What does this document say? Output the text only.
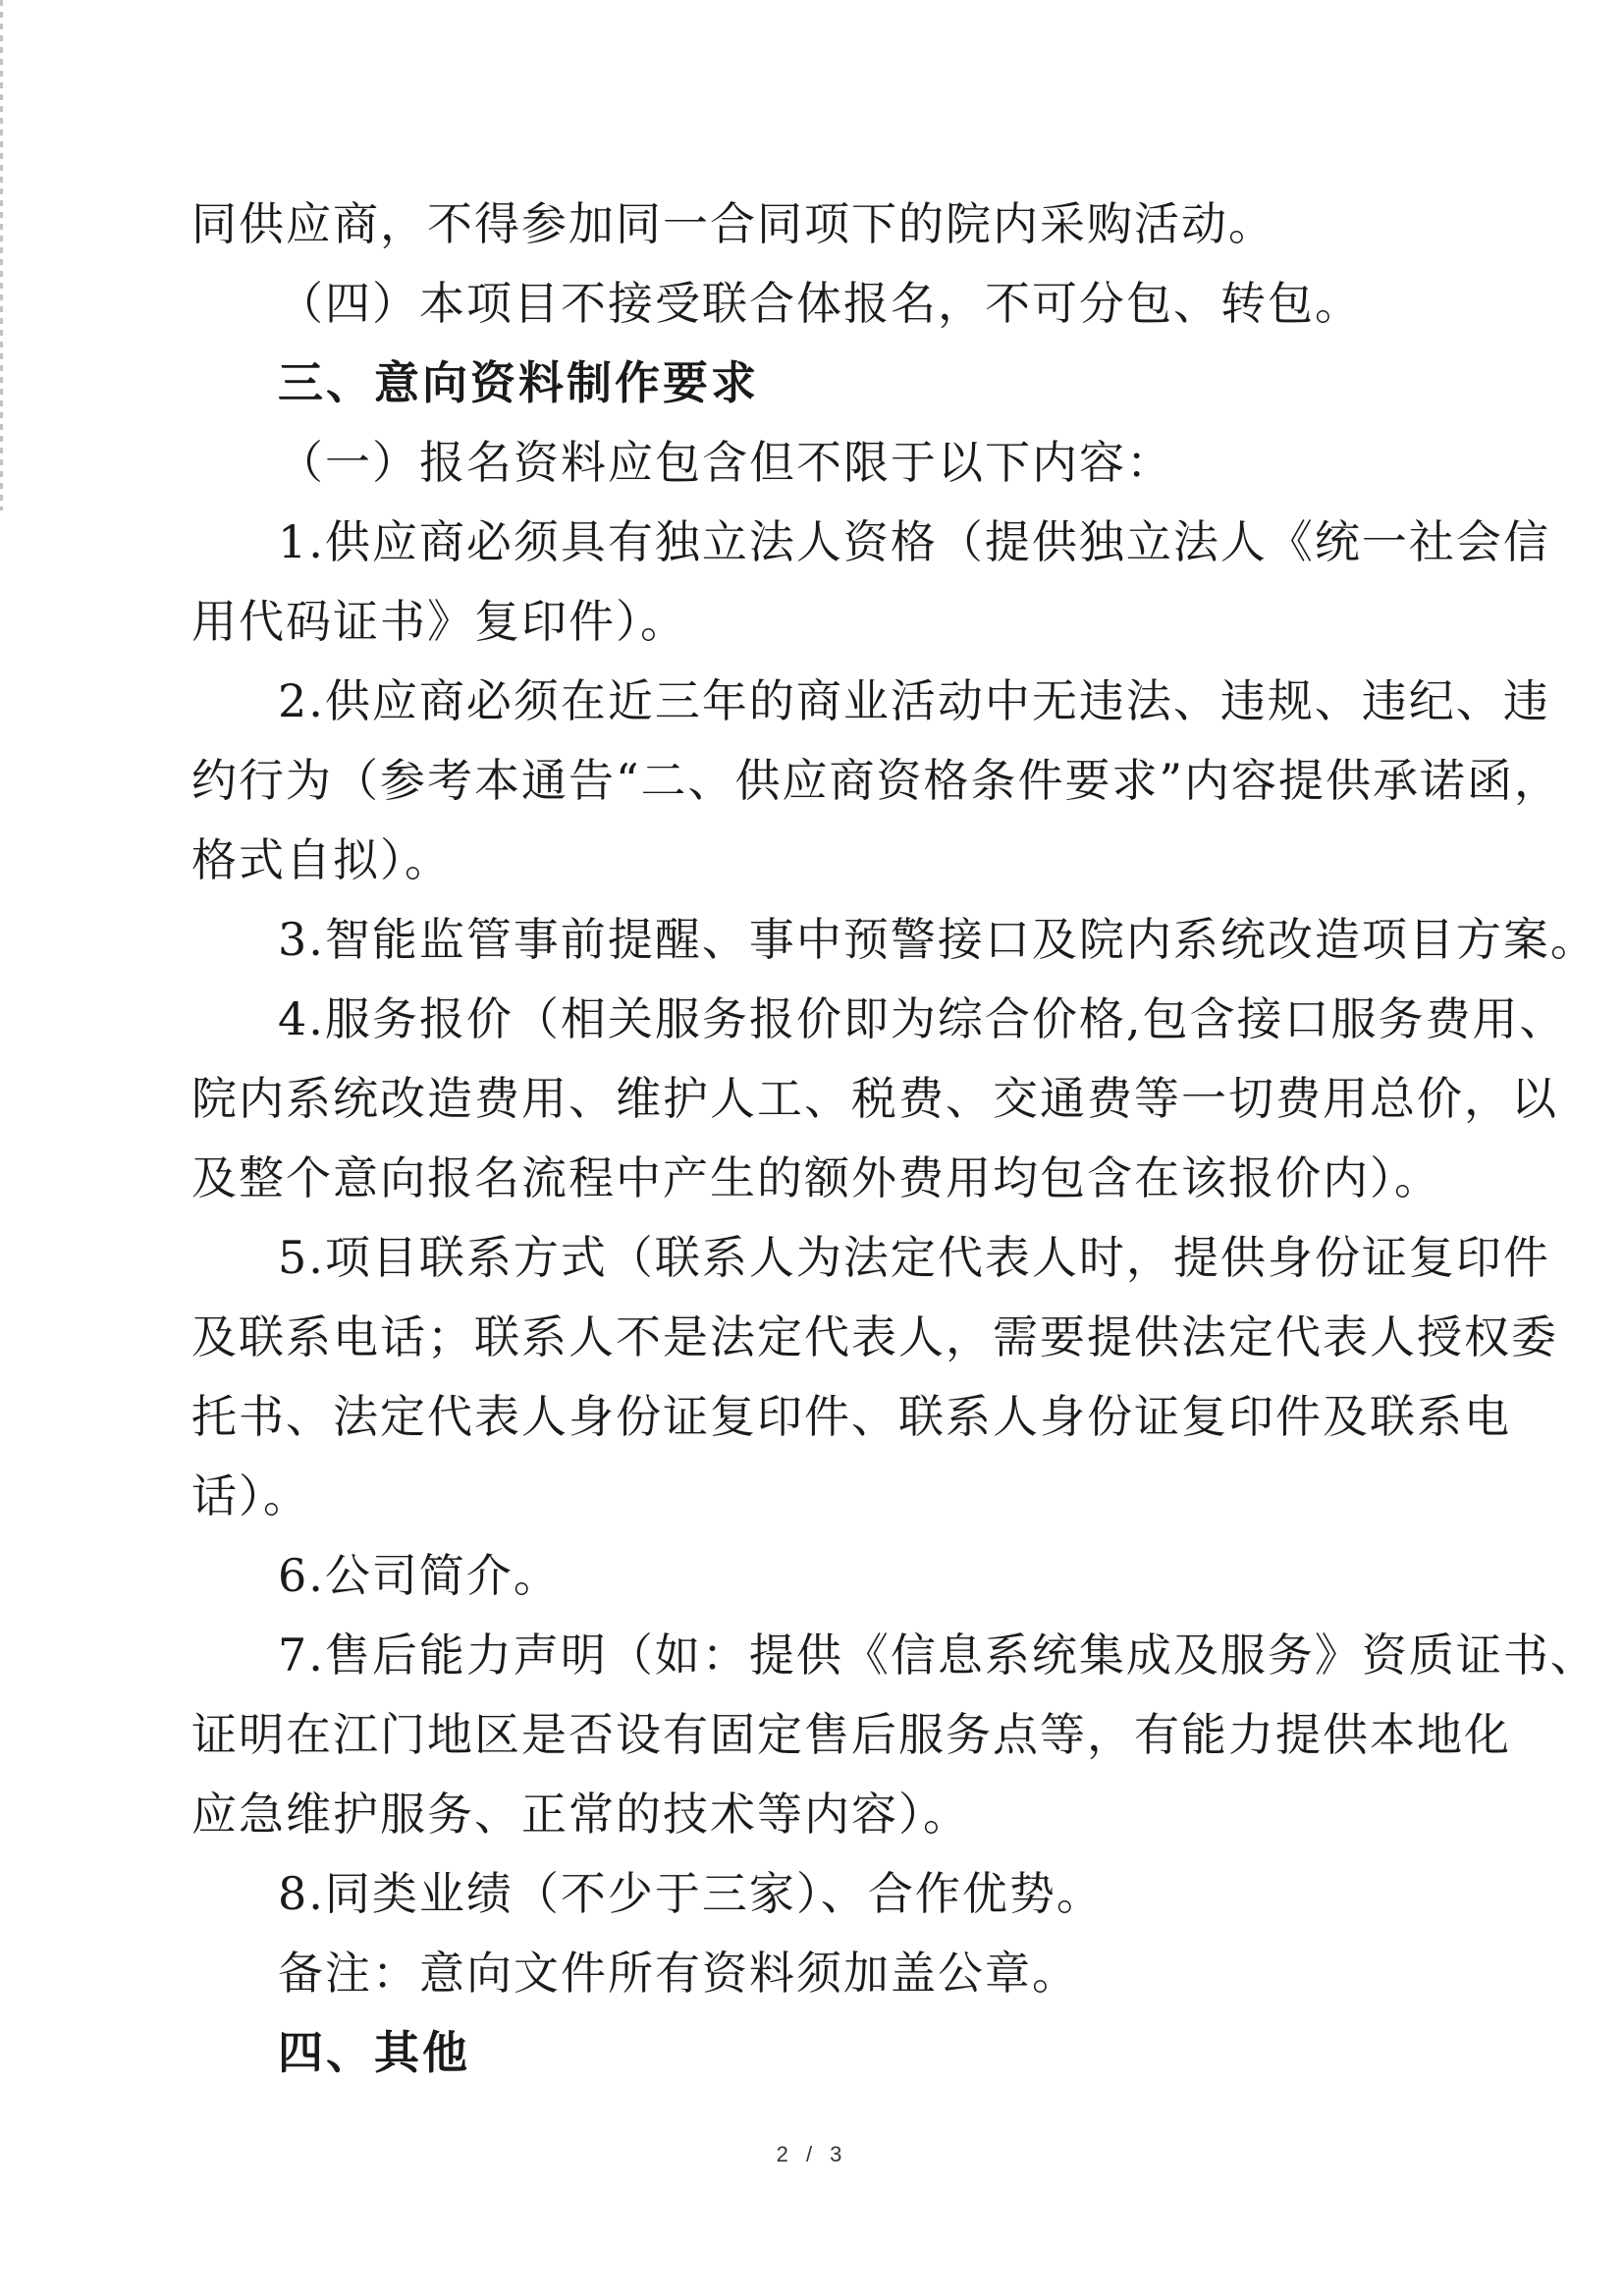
同供应商，不得参加同一合同项下的院内采购活动。
（四）本项目不接受联合体报名，不可分包、转包。
三、意向资料制作要求
（一）报名资料应包含但不限于以下内容：
1.供应商必须具有独立法人资格（提供独立法人《统一社会信
用代码证书》复印件）。
2.供应商必须在近三年的商业活动中无违法、违规、违纪、违
约行为（参考本通告“二、供应商资格条件要求”内容提供承诺函，
格式自拟）。
3.智能监管事前提醒、事中预警接口及院内系统改造项目方案。
4.服务报价（相关服务报价即为综合价格,包含接口服务费用、
院内系统改造费用、维护人工、税费、交通费等一切费用总价，以
及整个意向报名流程中产生的额外费用均包含在该报价内）。
5.项目联系方式（联系人为法定代表人时，提供身份证复印件
及联系电话；联系人不是法定代表人，需要提供法定代表人授权委
托书、法定代表人身份证复印件、联系人身份证复印件及联系电
话）。
6.公司简介。
7.售后能力声明（如：提供《信息系统集成及服务》资质证书、
证明在江门地区是否设有固定售后服务点等，有能力提供本地化
应急维护服务、正常的技术等内容）。
8.同类业绩（不少于三家）、合作优势。
备注：意向文件所有资料须加盖公章。
四、其他
2 / 3
